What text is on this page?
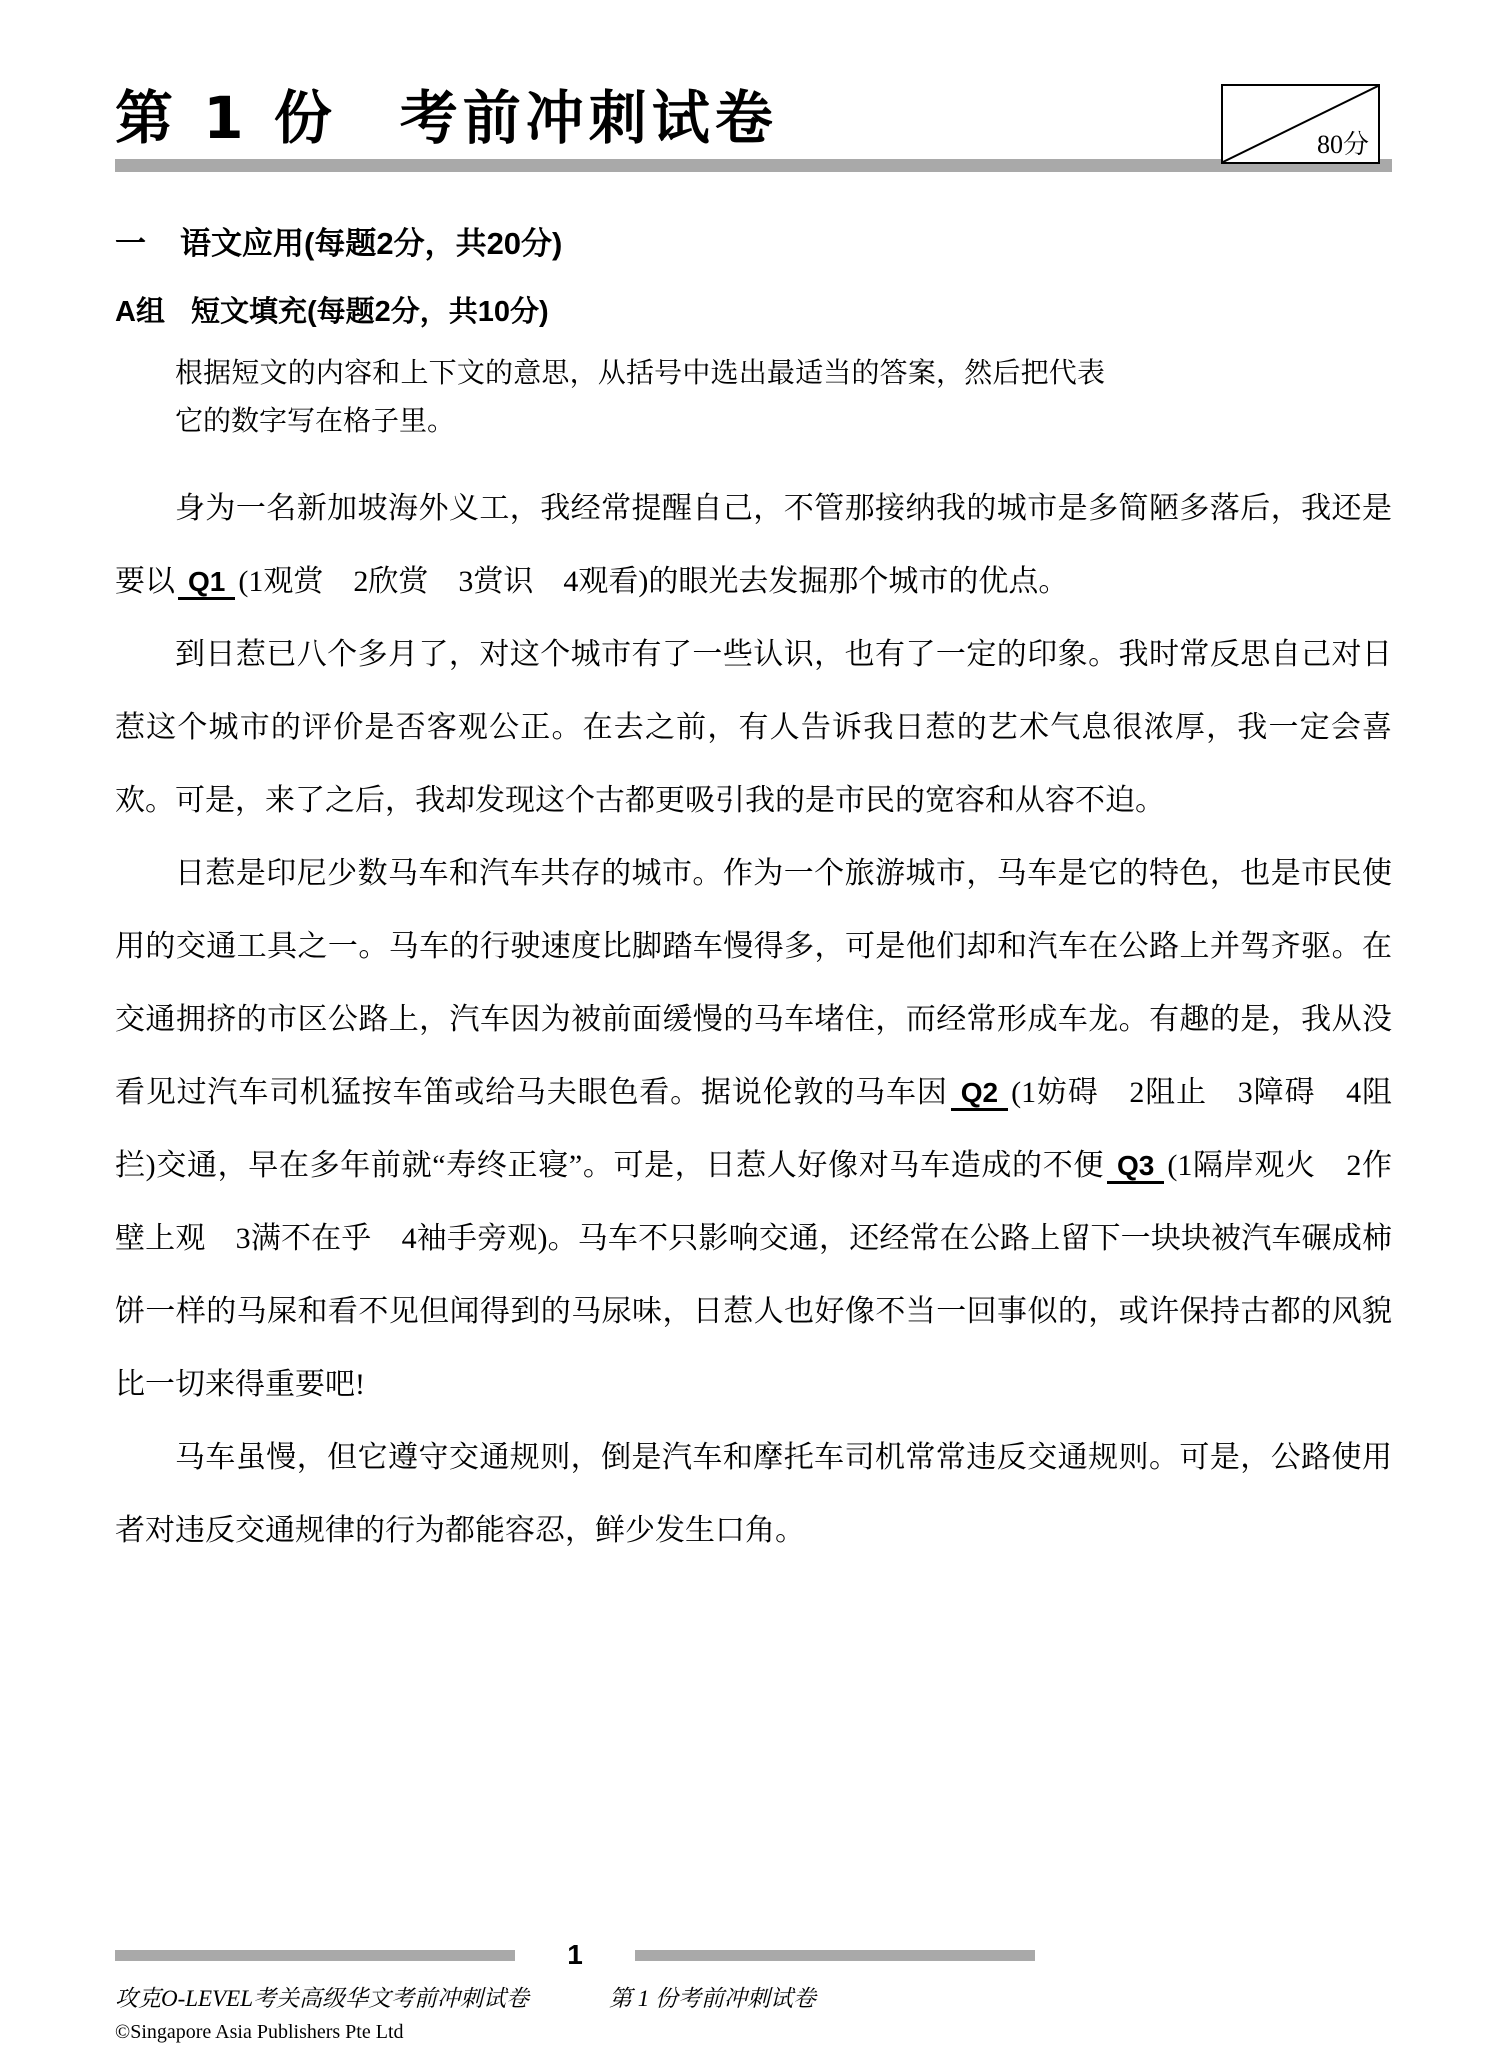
第 1 份　考前冲刺试卷	80分
一 语文应用(每题2分，共20分)
A组 短文填充(每题2分，共10分)

根据短文的内容和上下文的意思，从括号中选出最适当的答案，然后把代表它的数字写在格子里。

身为一名新加坡海外义工，我经常提醒自己，不管那接纳我的城市是多简陋多落后，我还是要以 Q1 (1观赏　2欣赏　3赏识　4观看)的眼光去发掘那个城市的优点。

到日惹已八个多月了，对这个城市有了一些认识，也有了一定的印象。我时常反思自己对日惹这个城市的评价是否客观公正。在去之前，有人告诉我日惹的艺术气息很浓厚，我一定会喜欢。可是，来了之后，我却发现这个古都更吸引我的是市民的宽容和从容不迫。

日惹是印尼少数马车和汽车共存的城市。作为一个旅游城市，马车是它的特色，也是市民使用的交通工具之一。马车的行驶速度比脚踏车慢得多，可是他们却和汽车在公路上并驾齐驱。在交通拥挤的市区公路上，汽车因为被前面缓慢的马车堵住，而经常形成车龙。有趣的是，我从没看见过汽车司机猛按车笛或给马夫眼色看。据说伦敦的马车因 Q2 (1妨碍　2阻止　3障碍　4阻拦)交通，早在多年前就“寿终正寝”。可是，日惹人好像对马车造成的不便 Q3 (1隔岸观火　2作壁上观　3满不在乎　4袖手旁观)。马车不只影响交通，还经常在公路上留下一块块被汽车碾成柿饼一样的马屎和看不见但闻得到的马尿味，日惹人也好像不当一回事似的，或许保持古都的风貌比一切来得重要吧!

马车虽慢，但它遵守交通规则，倒是汽车和摩托车司机常常违反交通规则。可是，公路使用者对违反交通规律的行为都能容忍，鲜少发生口角。

1
攻克O-LEVEL考关高级华文考前冲刺试卷	第 1 份考前冲刺试卷
©Singapore Asia Publishers Pte Ltd
